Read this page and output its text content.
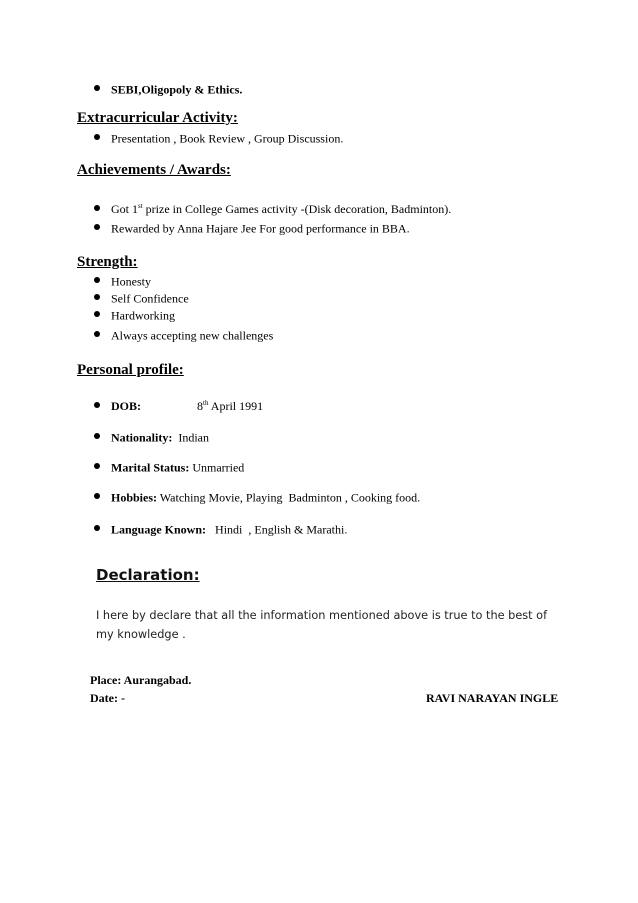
SEBI,Oligopoly & Ethics.
Extracurricular Activity:
Presentation , Book Review , Group Discussion.
Achievements / Awards:
Got 1st prize in College Games activity -(Disk decoration, Badminton).
Rewarded by Anna Hajare Jee For good performance in BBA.
Strength:
Honesty
Self Confidence
Hardworking
Always accepting new challenges
Personal profile:
DOB:	8th April 1991
Nationality:  Indian
Marital Status: Unmarried
Hobbies: Watching Movie, Playing  Badminton , Cooking food.
Language Known:   Hindi  , English & Marathi.
Declaration:
I here by declare that all the information mentioned above is true to the best of my knowledge .
Place: Aurangabad.
Date: -	RAVI NARAYAN INGLE
